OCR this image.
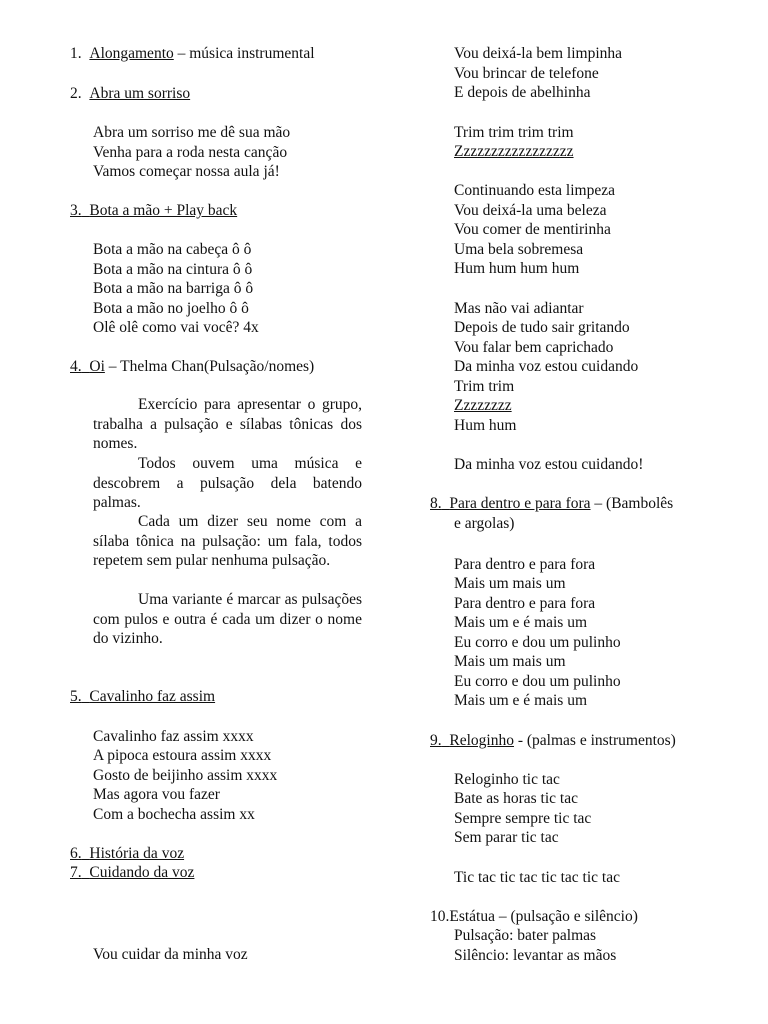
1. Alongamento – música instrumental
2. Abra um sorriso
Abra um sorriso me dê sua mão
Venha para a roda nesta canção
Vamos começar nossa aula já!
3. Bota a mão + Play back
Bota a mão na cabeça ô ô
Bota a mão na cintura ô ô
Bota a mão na barriga ô ô
Bota a mão no joelho ô ô
Olê olê como vai você? 4x
4. Oi – Thelma Chan(Pulsação/nomes)
Exercício para apresentar o grupo, trabalha a pulsação e sílabas tônicas dos nomes.
Todos ouvem uma música e descobrem a pulsação dela batendo palmas.
Cada um dizer seu nome com a sílaba tônica na pulsação: um fala, todos repetem sem pular nenhuma pulsação.
Uma variante é marcar as pulsações com pulos e outra é cada um dizer o nome do vizinho.
5. Cavalinho faz assim
Cavalinho faz assim xxxx
A pipoca estoura assim xxxx
Gosto de beijinho assim xxxx
Mas agora vou fazer
Com a bochecha assim xx
6. História da voz
7. Cuidando da voz
Vou cuidar da minha voz
Vou deixá-la bem limpinha
Vou brincar de telefone
E depois de abelhinha
Trim trim trim trim
Zzzzzzzzzzzzzzzzz
Continuando esta limpeza
Vou deixá-la uma beleza
Vou comer de mentirinha
Uma bela sobremesa
Hum hum hum hum
Mas não vai adiantar
Depois de tudo sair gritando
Vou falar bem caprichado
Da minha voz estou cuidando
Trim trim
Zzzzzzzz
Hum hum
Da minha voz estou cuidando!
8. Para dentro e para fora – (Bambolês
e argolas)
Para dentro e para fora
Mais um mais um
Para dentro e para fora
Mais um e é mais um
Eu corro e dou um pulinho
Mais um mais um
Eu corro e dou um pulinho
Mais um e é mais um
9. Reloginho - (palmas e instrumentos)
Reloginho tic tac
Bate as horas tic tac
Sempre sempre tic tac
Sem parar tic tac
Tic tac tic tac tic tac tic tac
10.Estátua – (pulsação e silêncio)
Pulsação: bater palmas
Silêncio: levantar as mãos
